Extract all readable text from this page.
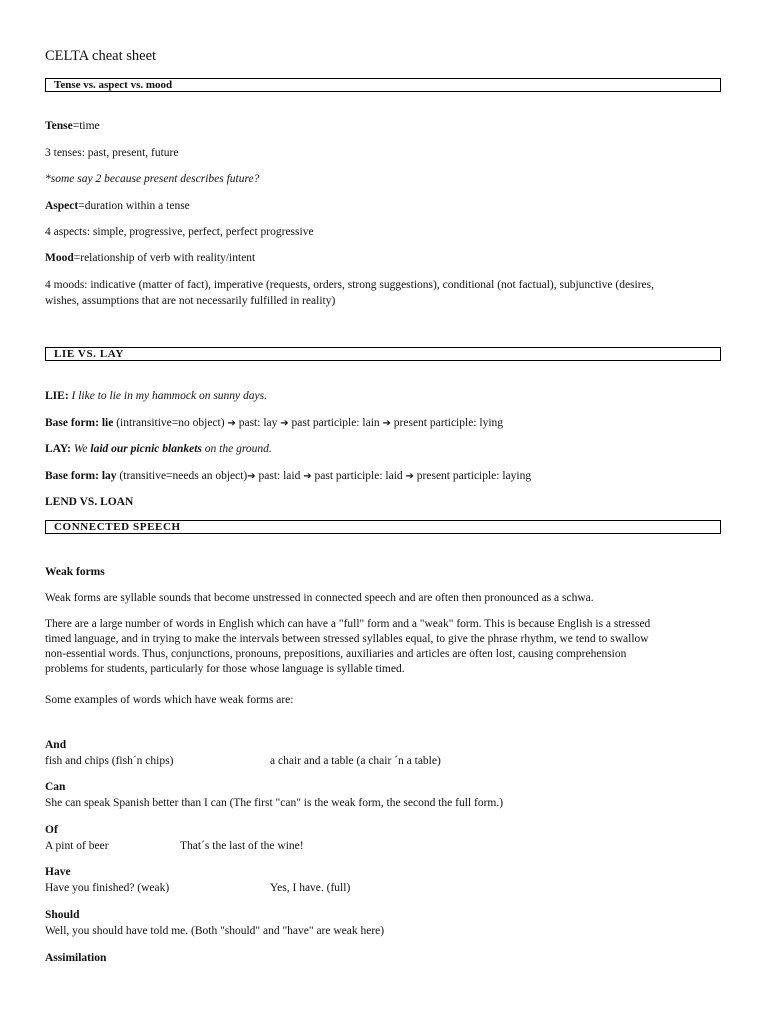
CELTA cheat sheet
Tense vs. aspect vs. mood
Tense=time
3 tenses: past, present, future
*some say 2 because present describes future?
Aspect=duration within a tense
4 aspects: simple, progressive, perfect, perfect progressive
Mood=relationship of verb with reality/intent
4 moods: indicative (matter of fact), imperative (requests, orders, strong suggestions), conditional (not factual), subjunctive (desires,
wishes, assumptions that are not necessarily fulfilled in reality)
LIE VS. LAY
LIE: I like to lie in my hammock on sunny days.
Base form: lie (intransitive=no object) ➔ past: lay ➔ past participle: lain ➔ present participle: lying
LAY: We laid our picnic blankets on the ground.
Base form: lay (transitive=needs an object)➔ past: laid ➔ past participle: laid ➔ present participle: laying
LEND VS. LOAN
CONNECTED SPEECH
Weak forms
Weak forms are syllable sounds that become unstressed in connected speech and are often then pronounced as a schwa.
There are a large number of words in English which can have a "full" form and a "weak" form. This is because English is a stressed
timed language, and in trying to make the intervals between stressed syllables equal, to give the phrase rhythm, we tend to swallow
non-essential words. Thus, conjunctions, pronouns, prepositions, auxiliaries and articles are often lost, causing comprehension
problems for students, particularly for those whose language is syllable timed.
Some examples of words which have weak forms are:
And
fish and chips (fish´n chips)	a chair and a table (a chair ´n a table)
Can
She can speak Spanish better than I can (The first "can" is the weak form, the second the full form.)
Of
A pint of beer	That´s the last of the wine!
Have
Have you finished? (weak)	Yes, I have. (full)
Should
Well, you should have told me. (Both "should" and "have" are weak here)
Assimilation
